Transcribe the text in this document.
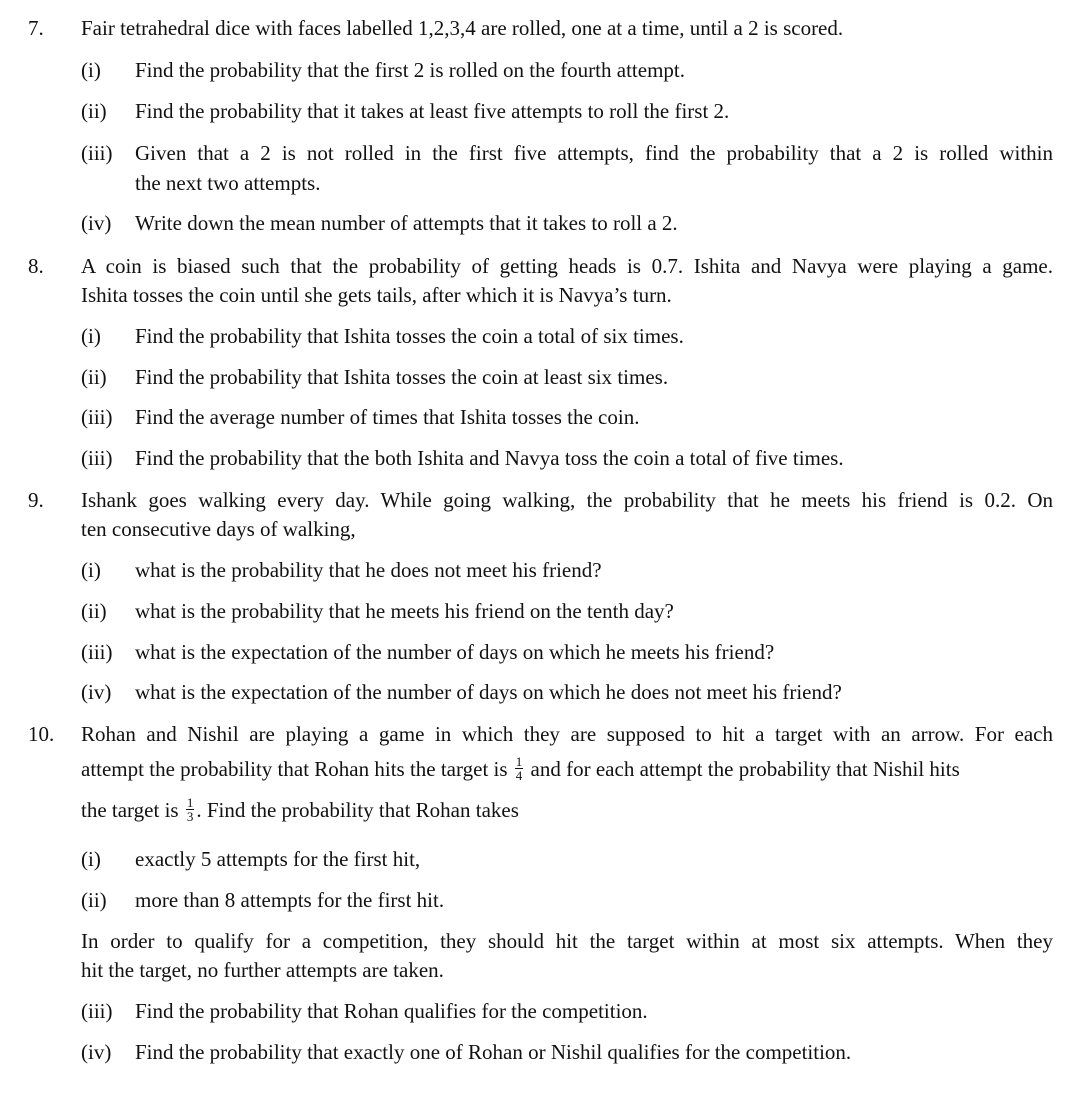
7. Fair tetrahedral dice with faces labelled 1,2,3,4 are rolled, one at a time, until a 2 is scored.
(i) Find the probability that the first 2 is rolled on the fourth attempt.
(ii) Find the probability that it takes at least five attempts to roll the first 2.
(iii) Given that a 2 is not rolled in the first five attempts, find the probability that a 2 is rolled within
the next two attempts.
(iv) Write down the mean number of attempts that it takes to roll a 2.
8. A coin is biased such that the probability of getting heads is 0.7. Ishita and Navya were playing a game.
Ishita tosses the coin until she gets tails, after which it is Navya’s turn.
(i) Find the probability that Ishita tosses the coin a total of six times.
(ii) Find the probability that Ishita tosses the coin at least six times.
(iii) Find the average number of times that Ishita tosses the coin.
(iii) Find the probability that the both Ishita and Navya toss the coin a total of five times.
9. Ishank goes walking every day. While going walking, the probability that he meets his friend is 0.2. On
ten consecutive days of walking,
(i) what is the probability that he does not meet his friend?
(ii) what is the probability that he meets his friend on the tenth day?
(iii) what is the expectation of the number of days on which he meets his friend?
(iv) what is the expectation of the number of days on which he does not meet his friend?
10. Rohan and Nishil are playing a game in which they are supposed to hit a target with an arrow. For each
attempt the probability that Rohan hits the target is $\frac{1}{4}$ and for each attempt the probability that Nishil hits
the target is $\frac{1}{3}$ . Find the probability that Rohan takes
(i) exactly 5 attempts for the first hit,
(ii) more than 8 attempts for the first hit.
In order to qualify for a competition, they should hit the target within at most six attempts. When they
hit the target, no further attempts are taken.
(iii) Find the probability that Rohan qualifies for the competition.
(iv) Find the probability that exactly one of Rohan or Nishil qualifies for the competition.
